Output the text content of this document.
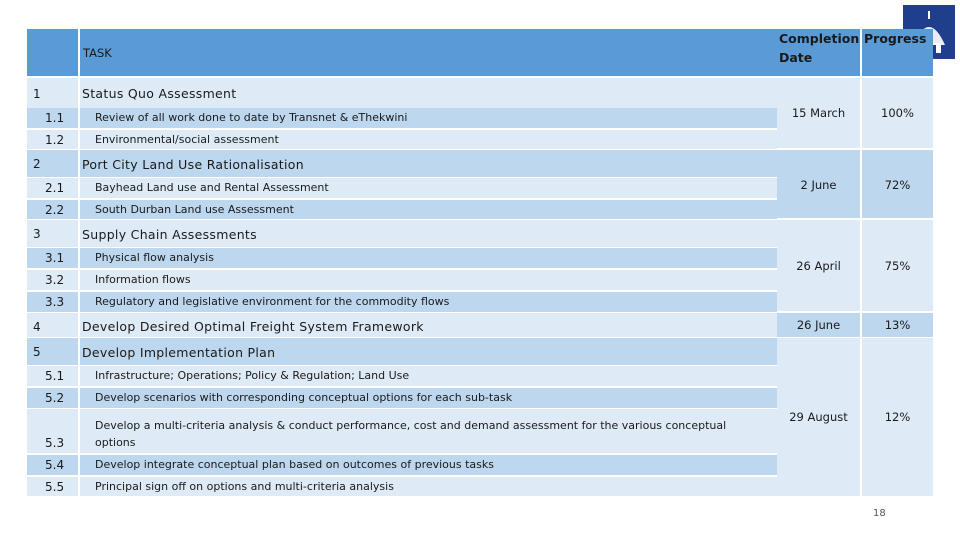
TASK
Completion
Date
Progress
1
1.1
1.2
2
2.1
2.2
3
3.1
3.2
3.3
4
5
5.1
5.2
5.3
5.4
5.5
Status Quo Assessment
Review of all work done to date by Transnet & eThekwini
Environmental/social assessment
Port City Land Use Rationalisation
Bayhead Land use and Rental Assessment
South Durban Land use Assessment
Supply Chain Assessments
Physical flow analysis
Information flows
Regulatory and legislative environment for the commodity flows
Develop Desired Optimal Freight System Framework
Develop Implementation Plan
Infrastructure; Operations; Policy & Regulation; Land Use
Develop scenarios with corresponding conceptual options for each sub-task
Develop a multi-criteria analysis & conduct performance, cost and demand assessment for the various conceptual
options
Develop integrate conceptual plan based on outcomes of previous tasks
Principal sign off on options and multi-criteria analysis
15 March
2 June
26 April
26 June
29 August
100%
72%
75%
13%
12%
18
